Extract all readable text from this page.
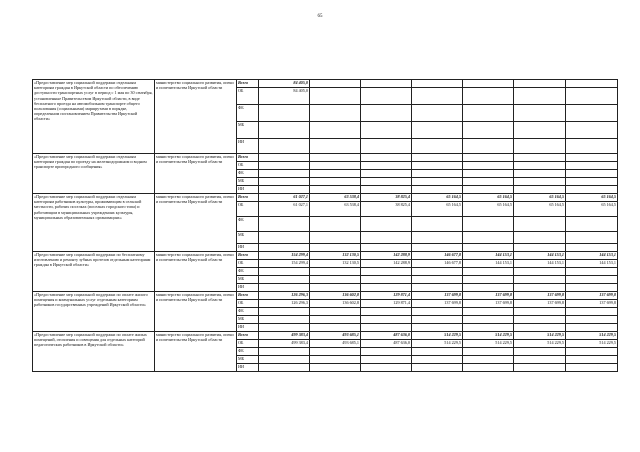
65
«Предоставление мер социальной поддержки отдельным категориям граждан в Иркутской области по обеспечению доступности транспортных услуг в период с 1 мая по 30 сентября, установленные Правительством Иркутской области, в виде бесплатного проезда на автомобильном транспорте общего пользования (социальными) маршрутами в порядке, определенном постановлением Правительства Иркутской области»	министерство социального развития, опеки и попечительства Иркутской области	Всего	84 405,0						
		ОБ	84 405,0						
		ФБ							
		МБ							
		ИИ							
«Предоставление мер социальной поддержки отдельным категориям граждан по проезду на железнодорожном и водном транспорте пригородного сообщения»	министерство социального развития, опеки и попечительства Иркутской области	Всего							
		ОБ							
		ФБ							
		МБ							
		ИИ							
«Предоставление мер социальной поддержки отдельным категориям работников культуры, проживающим в сельской местности, рабочих поселках (поселках городского типа) и работающим в муниципальных учреждениях культуры, муниципальных образовательных организациях»	министерство социального развития, опеки и попечительства Иркутской области	Всего	61 027,1	63 538,4	38 825,4	65 164,5	65 164,5	65 164,5	65 164,5
		ОБ	61 027,1	63 538,4	38 825,4	65 164,5	65 164,5	65 164,5	65 164,5
		ФБ							
		МБ							
		ИИ							
«Предоставление мер социальной поддержки по бесплатному изготовлению и ремонту зубных протезов отдельным категориям граждан в Иркутской области»	министерство социального развития, опеки и попечительства Иркутской области	Всего	154 299,4	132 130,5	142 288,9	146 677,8	144 153,1	144 153,1	144 153,1
		ОБ	154 299,4	132 130,5	142 288,9	146 677,8	144 153,1	144 153,1	144 153,1
		ФБ							
		МБ							
		ИИ							
«Предоставление мер социальной поддержки по оплате жилого помещения и коммунальных услуг отдельным категориям работников государственных учреждений Иркутской области»	министерство социального развития, опеки и попечительства Иркутской области	Всего	126 296,3	136 602,8	129 871,4	137 699,8	137 699,8	137 699,8	137 699,8
		ОБ	126 296,3	136 602,8	129 871,4	137 699,8	137 699,8	137 699,8	137 699,8
		ФБ							
		МБ							
		ИИ							
«Предоставление мер социальной поддержки по оплате жилых помещений, отопления и освещения для отдельных категорий педагогических работников в Иркутской области»	министерство социального развития, опеки и попечительства Иркутской области	Всего	499 383,4	493 685,1	487 636,0	514 229,5	514 229,5	514 229,5	514 229,5
		ОБ	499 383,4	493 685,1	487 636,0	514 229,5	514 229,5	514 229,5	514 229,5
		ФБ							
		МБ							
		ИИ							
